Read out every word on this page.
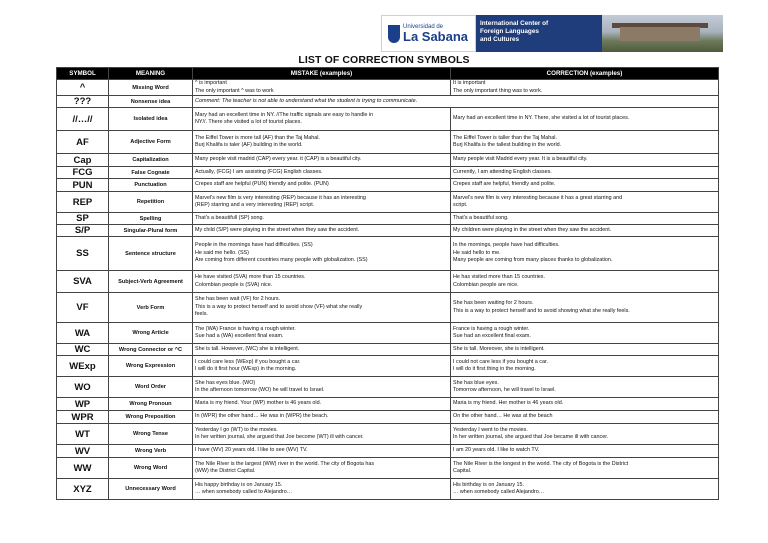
Universidad de
La Sabana
International Center of
Foreign Languages
and Cultures
LIST OF CORRECTION SYMBOLS
SYMBOL	MEANING	MISTAKE (examples)	CORRECTION (examples)
^	Missing Word	^ is important
The only important ^ was to work	It is important
The only important thing was to work.

???	Nonsense idea	Comment: The teacher is not able to understand what the student is trying to communicate.	
//…//	Isolated idea	Mary had an excellent time in NY. //The traffic signals are easy to handle in
NY//. There she visited a lot of tourist places.	Mary had an excellent time in NY. There, she visited a lot of tourist places.

AF	Adjective Form	The Eiffel Tower is more tall (AF) than the Taj Mahal.
Burj Khalifa is taler (AF) building in the world.	The Eiffel Tower is taller than the Taj Mahal.
Burj Khalifa is the tallest building in the world.

Cap	Capitalization	Many people visit madrid (CAP) every year. it (CAP) is a beautiful city.	Many people visit Madrid every year. It is a beautiful city.

FCG	False Cognate	Actually, (FCG) I am assisting (FCG) English classes.	Currently, I am attending English classes.

PUN	Punctuation	Crepes staff are helpful (PUN) friendly and polite. (PUN)	Crepes staff are helpful, friendly and polite.

REP	Repetition	Marvel's new film is very interesting (REP) because it has an interesting
(REP) starring and a very interesting (REP) script.	Marvel's new film is very interesting because it has a great starring and
script.

SP	Spelling	That's a beautifull (SP) song.	That's a beautiful song.

S/P	Singular-Plural form	My child (S/P) were playing in the street when they saw the accident.	My children were playing in the street when they saw the accident.

SS	Sentence structure	People in the mornings have had difficulties. (SS)
He said me hello. (SS)
Are coming from different countries many people with globalization. (SS)	In the mornings, people have had difficulties.
He said hello to me.
Many people are coming from many places thanks to globalization.

SVA	Subject-Verb Agreement	He have visited (SVA) more than 15 countries.
Colombian people is (SVA) nice.	He has visited more than 15 countries.
Colombian people are nice.

VF	Verb Form	She has been wait (VF) for 2 hours.
This is a way to protect herself and to avoid show (VF) what she really
feels.	She has been waiting for 2 hours.
This is a way to protect herself and to avoid showing what she really feels.

WA	Wrong Article	The (WA) France is having a rough winter.
Sue had a (WA) excellent final exam.	France is having a rough winter.
Sue had an excellent final exam.

WC	Wrong Connector or ^C	She is tall. However, (WC) she is intelligent.	She is tall. Moreover, she is intelligent.

WExp	Wrong Expression	I could care less (WExp) if you bought a car.
I will do it first hour (WExp) in the morning.	I could not care less if you bought a car.
I will do it first thing in the morning.

WO	Word Order	She has eyes blue. (WO)
In the afternoon tomorrow (WO) he will travel to Israel.	She has blue eyes.
Tomorrow afternoon, he will travel to Israel.

WP	Wrong Pronoun	Maria is my friend. Your (WP) mother is 46 years old.	Maria is my friend. Her mother is 46 years old.

WPR	Wrong Preposition	In (WPR) the other hand… He was in (WPR) the beach.	On the other hand… He was at the beach

WT	Wrong Tense	Yesterday I go (WT) to the movies.
In her written journal, she argued that Joe become (WT) ill with cancer.	Yesterday I went to the movies.
In her written journal, she argued that Joe became ill with cancer.

WV	Wrong Verb	I have (WV) 20 years old. I like to see (WV) TV.	I am 20 years old. I like to watch TV.

WW	Wrong Word	The Nile River is the largest (WW) river in the world. The city of Bogota has
(WW) the District Capital.	The Nile River is the longest in the world. The city of Bogota is the District
Capital.

XYZ	Unnecessary Word	His happy birthday is on January 15.
… when somebody called to Alejandro…	His birthday is on January 15.
… when somebody called Alejandro…
